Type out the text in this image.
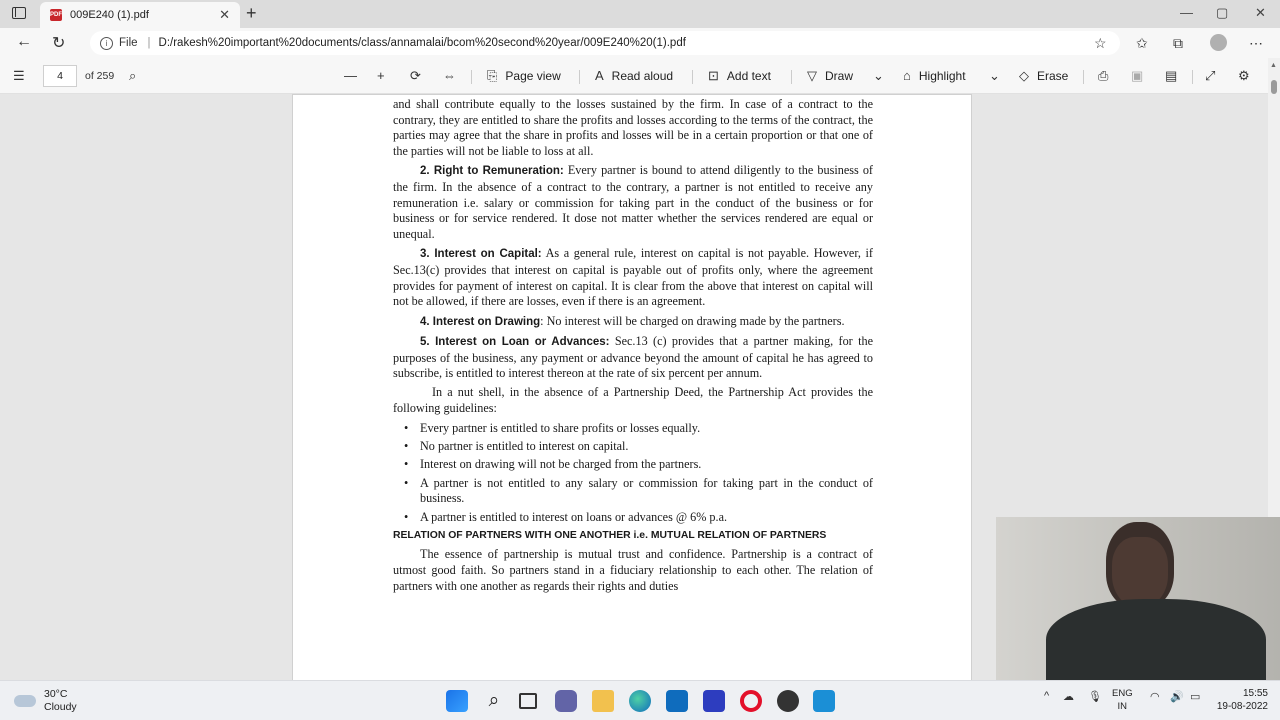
PDF 009E240 (1).pdf	✕ +	— ▢ ✕
← ↻	i	File | D:/rakesh%20important%20documents/class/annamalai/bcom%20second%20year/009E240%20(1).pdf	☆ ✩ ⧉	⋯
☰	4	of 259 ⌕	— + ⟳ ⇔ ⎘ Page view	A Read aloud	⊡ Add text	▽ Draw ⌄ ⌂ Highlight ⌄ ◇ Erase ⎙ ▣ ▤ ⤢ ⚙

and shall contribute equally to the losses sustained by the firm. In case of a contract to the contrary, they are entitled to share the profits and losses according to the terms of the contract, the parties may agree that the share in profits and losses will be in a certain proportion or that one of the parties will not be liable to loss at all.

2. Right to Remuneration: Every partner is bound to attend diligently to the business of the firm. In the absence of a contract to the contrary, a partner is not entitled to receive any remuneration i.e. salary or commission for taking part in the conduct of the business or for business or for service rendered. It dose not matter whether the services rendered are equal or unequal.

3. Interest on Capital: As a general rule, interest on capital is not payable. However, if Sec.13(c) provides that interest on capital is payable out of profits only, where the agreement provides for payment of interest on capital. It is clear from the above that interest on capital will not be allowed, if there are losses, even if there is an agreement.

4. Interest on Drawing: No interest will be charged on drawing made by the partners.

5. Interest on Loan or Advances: Sec.13 (c) provides that a partner making, for the purposes of the business, any payment or advance beyond the amount of capital he has agreed to subscribe, is entitled to interest thereon at the rate of six percent per annum.

In a nut shell, in the absence of a Partnership Deed, the Partnership Act provides the following guidelines:

• Every partner is entitled to share profits or losses equally.
• No partner is entitled to interest on capital.
• Interest on drawing will not be charged from the partners.
• A partner is not entitled to any salary or commission for taking part in the conduct of business.
• A partner is entitled to interest on loans or advances @ 6% p.a.

RELATION OF PARTNERS WITH ONE ANOTHER i.e. MUTUAL RELATION OF PARTNERS

The essence of partnership is mutual trust and confidence. Partnership is a contract of utmost good faith. So partners stand in a fiduciary relationship to each other. The relation of partners with one another as regards their rights and duties

▲
30°C
Cloudy	⌕	^ ☁ 🎙 ENG
IN
◠ 🔊 ▭	15:55
19-08-2022
